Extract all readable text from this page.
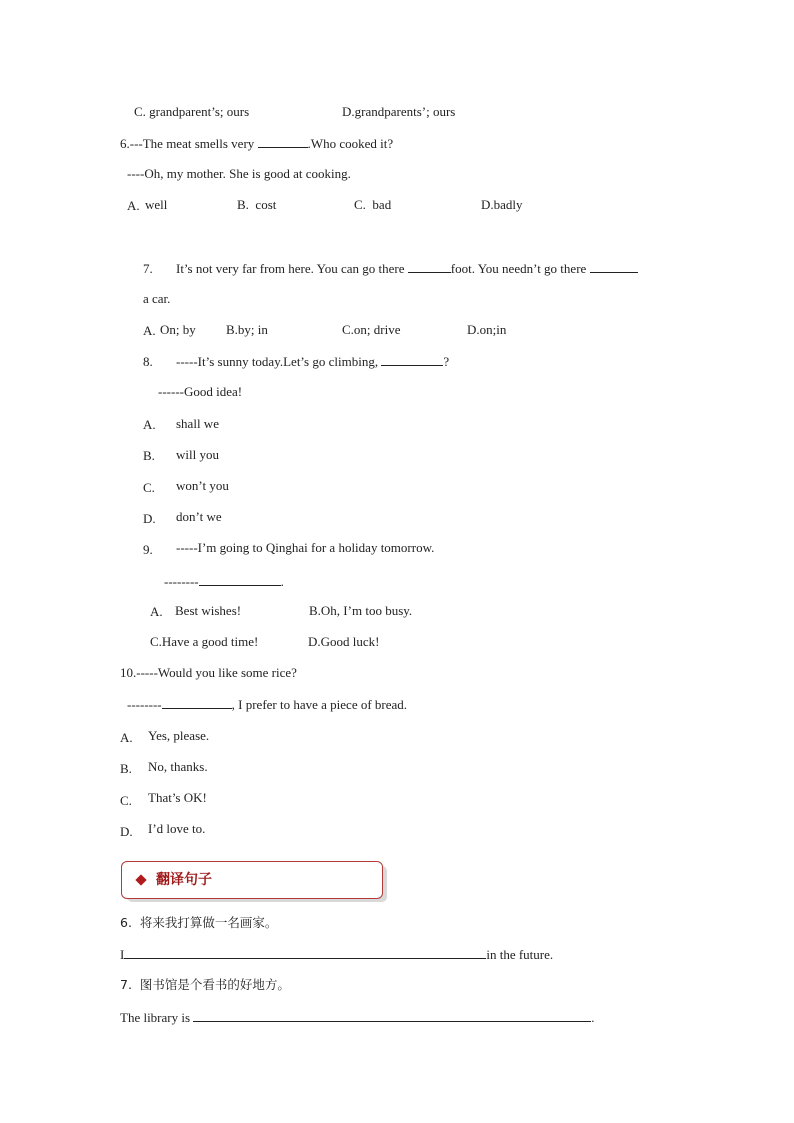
C. grandparent’s; ours	D.grandparents’; ours
6.---The meat smells very	.Who cooked it?
----Oh, my mother. She is good at cooking.
A. well	B.  cost	C.  bad	D.badly
7. It’s not very far from here. You can go there	foot. You needn’t go there
a car.
A. On; by B.by; in	C.on; drive	D.on;in
8. -----It’s sunny today.Let’s go climbing,	?
------Good idea!
A. shall we
B. will you
C. won’t you
D. don’t we
9. -----I’m going to Qinghai for a holiday tomorrow.
--------	.
A. Best wishes!	B.Oh, I’m too busy.
C.Have a good time!	D.Good luck!
10.-----Would you like some rice?
--------	, I prefer to have a piece of bread.
A. Yes, please.
B. No, thanks.
C. That’s OK!
D. I’d love to.
翻译句子
6.  将来我打算做一名画家。
I	in the future.
7.  图书馆是个看书的好地方。
The library is	.
